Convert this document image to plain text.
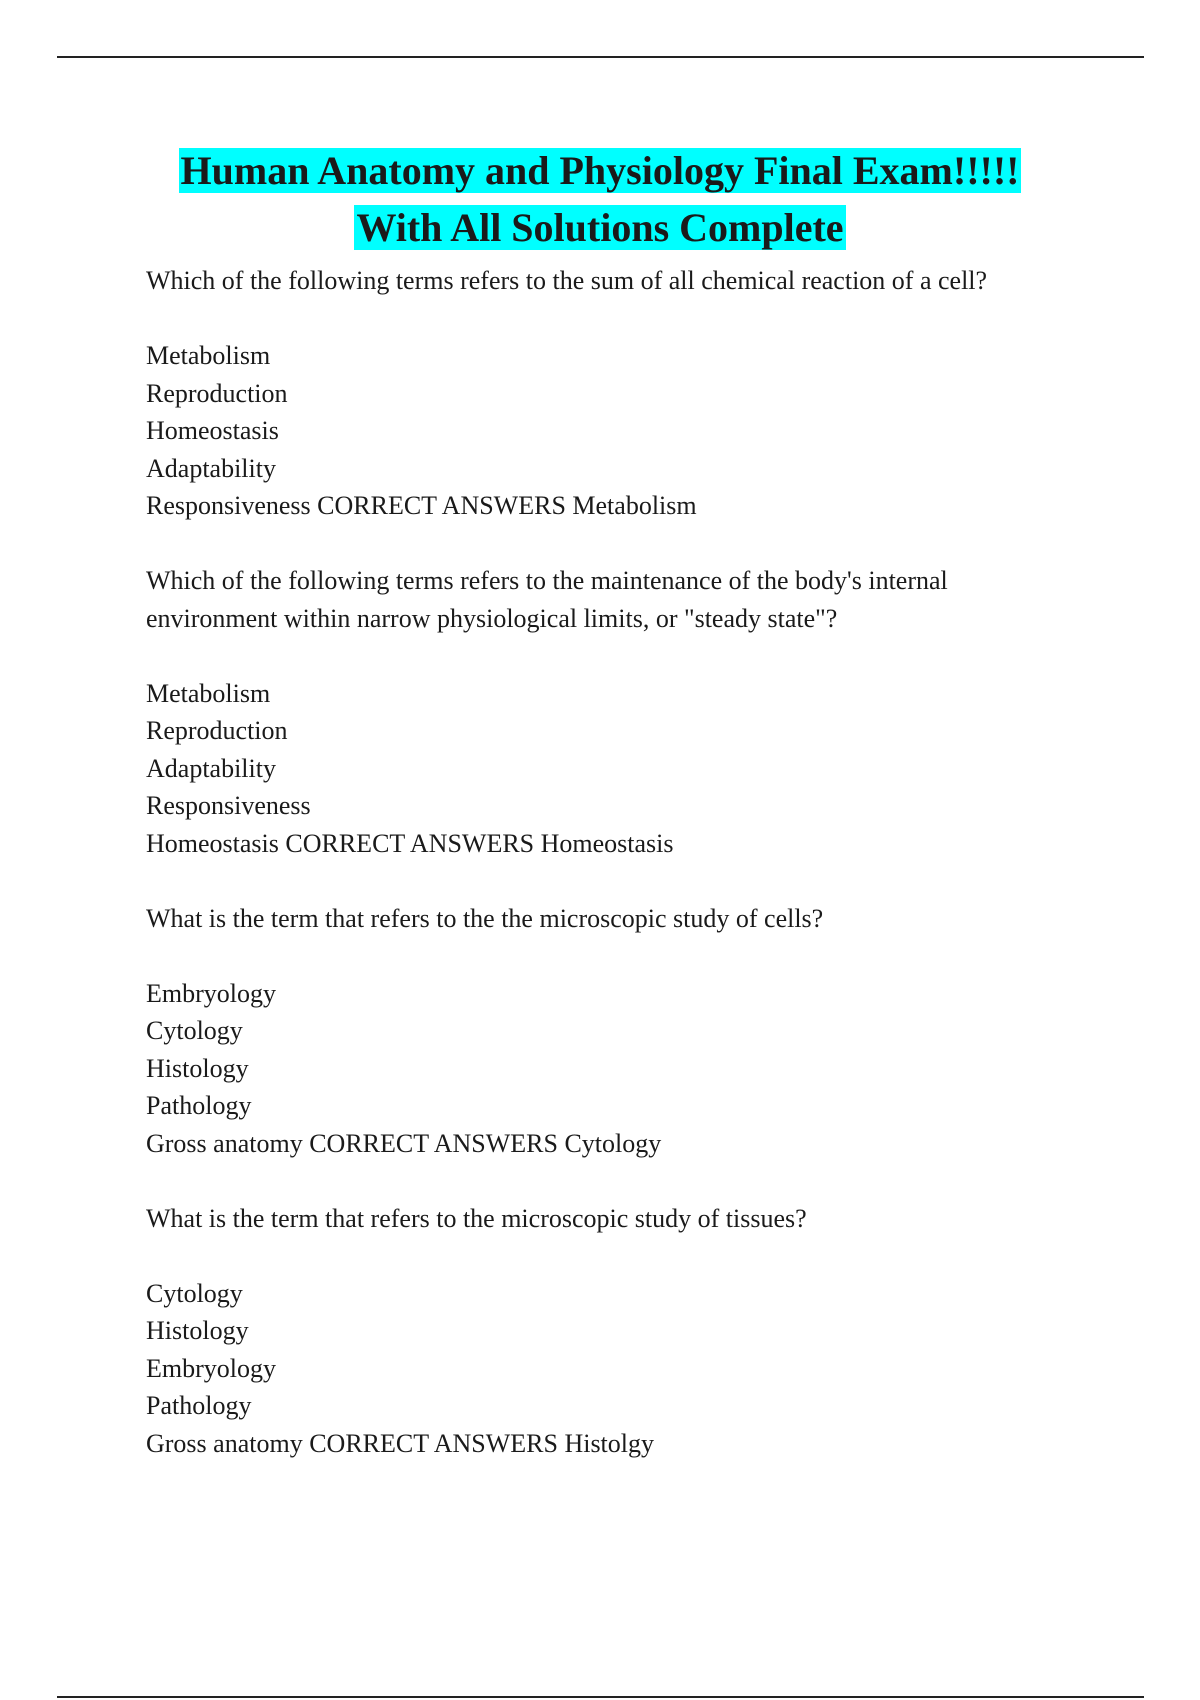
Human Anatomy and Physiology Final Exam!!!!!
With All Solutions Complete
Which of the following terms refers to the sum of all chemical reaction of a cell?
Metabolism
Reproduction
Homeostasis
Adaptability
Responsiveness CORRECT ANSWERS Metabolism
Which of the following terms refers to the maintenance of the body's internal
environment within narrow physiological limits, or "steady state"?
Metabolism
Reproduction
Adaptability
Responsiveness
Homeostasis CORRECT ANSWERS Homeostasis
What is the term that refers to the the microscopic study of cells?
Embryology
Cytology
Histology
Pathology
Gross anatomy CORRECT ANSWERS Cytology
What is the term that refers to the microscopic study of tissues?
Cytology
Histology
Embryology
Pathology
Gross anatomy CORRECT ANSWERS Histolgy
